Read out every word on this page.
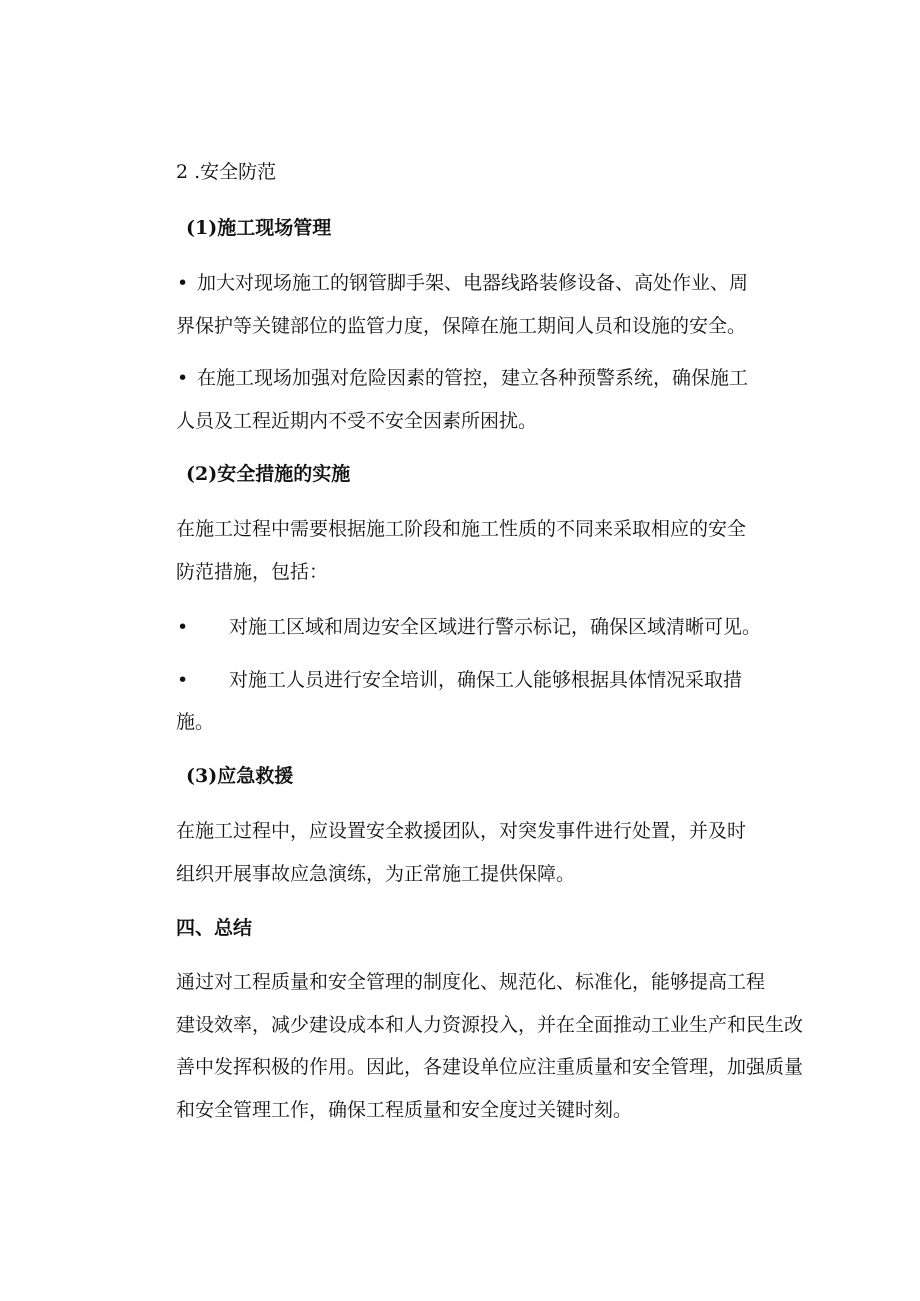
2 .安全防范
(1)施工现场管理
• 加大对现场施工的钢管脚手架、电器线路装修设备、高处作业、周
界保护等关键部位的监管力度，保障在施工期间人员和设施的安全。
• 在施工现场加强对危险因素的管控，建立各种预警系统，确保施工
人员及工程近期内不受不安全因素所困扰。
(2)安全措施的实施
在施工过程中需要根据施工阶段和施工性质的不同来采取相应的安全
防范措施，包括：
• 对施工区域和周边安全区域进行警示标记，确保区域清晰可见。
• 对施工人员进行安全培训，确保工人能够根据具体情况采取措
施。
(3)应急救援
在施工过程中，应设置安全救援团队，对突发事件进行处置，并及时
组织开展事故应急演练，为正常施工提供保障。
四、总结
通过对工程质量和安全管理的制度化、规范化、标准化，能够提高工程
建设效率，减少建设成本和人力资源投入，并在全面推动工业生产和民生改
善中发挥积极的作用。因此，各建设单位应注重质量和安全管理，加强质量
和安全管理工作，确保工程质量和安全度过关键时刻。
